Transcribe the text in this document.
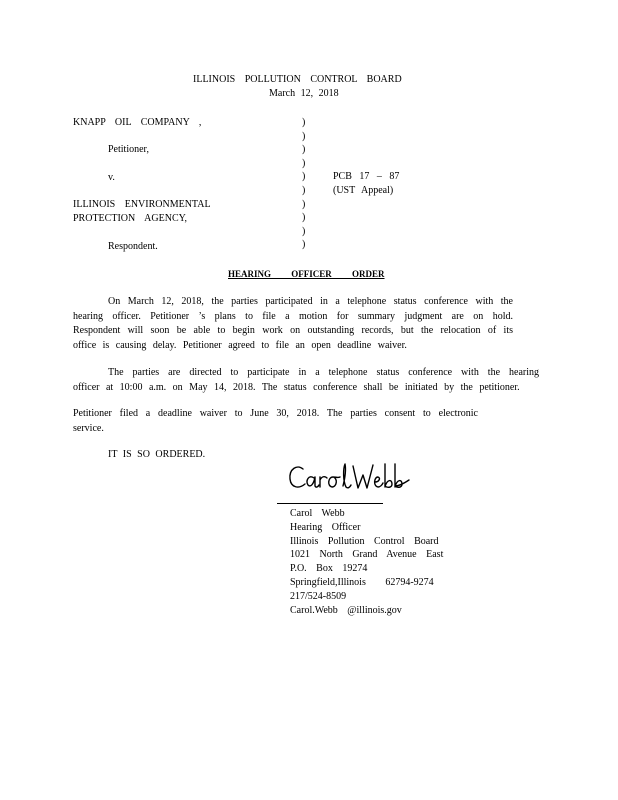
ILLINOIS POLLUTION CONTROL BOARD
March 12, 2018
KNAPP OIL COMPANY ,
Petitioner,
v.
ILLINOIS ENVIRONMENTAL
PROTECTION AGENCY,
Respondent.
)
)
)
)
)
)
)
)
)
)
PCB 17 – 87
(UST Appeal)
HEARING OFFICER ORDER
On March 12, 2018, the parties participated in a telephone status conference with the hearing officer. Petitioner ’s plans to file a motion for summary judgment are on hold. Respondent will soon be able to begin work on outstanding records, but the relocation of its office is causing delay. Petitioner agreed to file an open deadline waiver.
The parties are directed to participate in a telephone status conference with the hearing officer at 10:00 a.m. on May 14, 2018. The status conference shall be initiated by the petitioner.
Petitioner filed a deadline waiver to June 30, 2018. The parties consent to electronic service.
IT IS SO ORDERED.
Carol Webb
Hearing Officer
Illinois Pollution Control Board
1021 North Grand Avenue East
P.O. Box 19274
Springfield,Illinois 62794-9274
217/524-8509
Carol.Webb @illinois.gov
